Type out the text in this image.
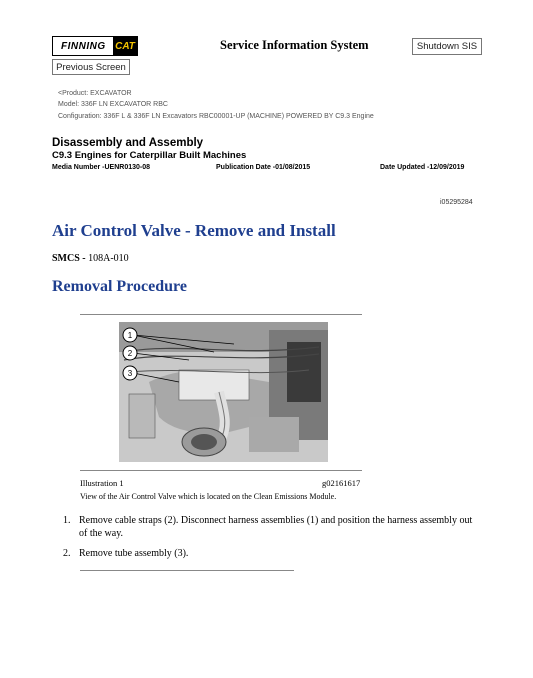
FINNING CAT	Service Information System	Shutdown SIS
Previous Screen
<Product: EXCAVATOR
Model: 336F LN EXCAVATOR RBC
Configuration: 336F L & 336F LN Excavators RBC00001-UP (MACHINE) POWERED BY C9.3 Engine
Disassembly and Assembly
C9.3 Engines for Caterpillar Built Machines
Media Number -UENR0130-08	Publication Date -01/08/2015	Date Updated -12/09/2019
i05295284
Air Control Valve - Remove and Install
SMCS - 108A-010
Removal Procedure
1
2
3
Illustration 1	g02161617
View of the Air Control Valve which is located on the Clean Emissions Module.
1. Remove cable straps (2). Disconnect harness assemblies (1) and position the harness assembly out of the way.
2. Remove tube assembly (3).
